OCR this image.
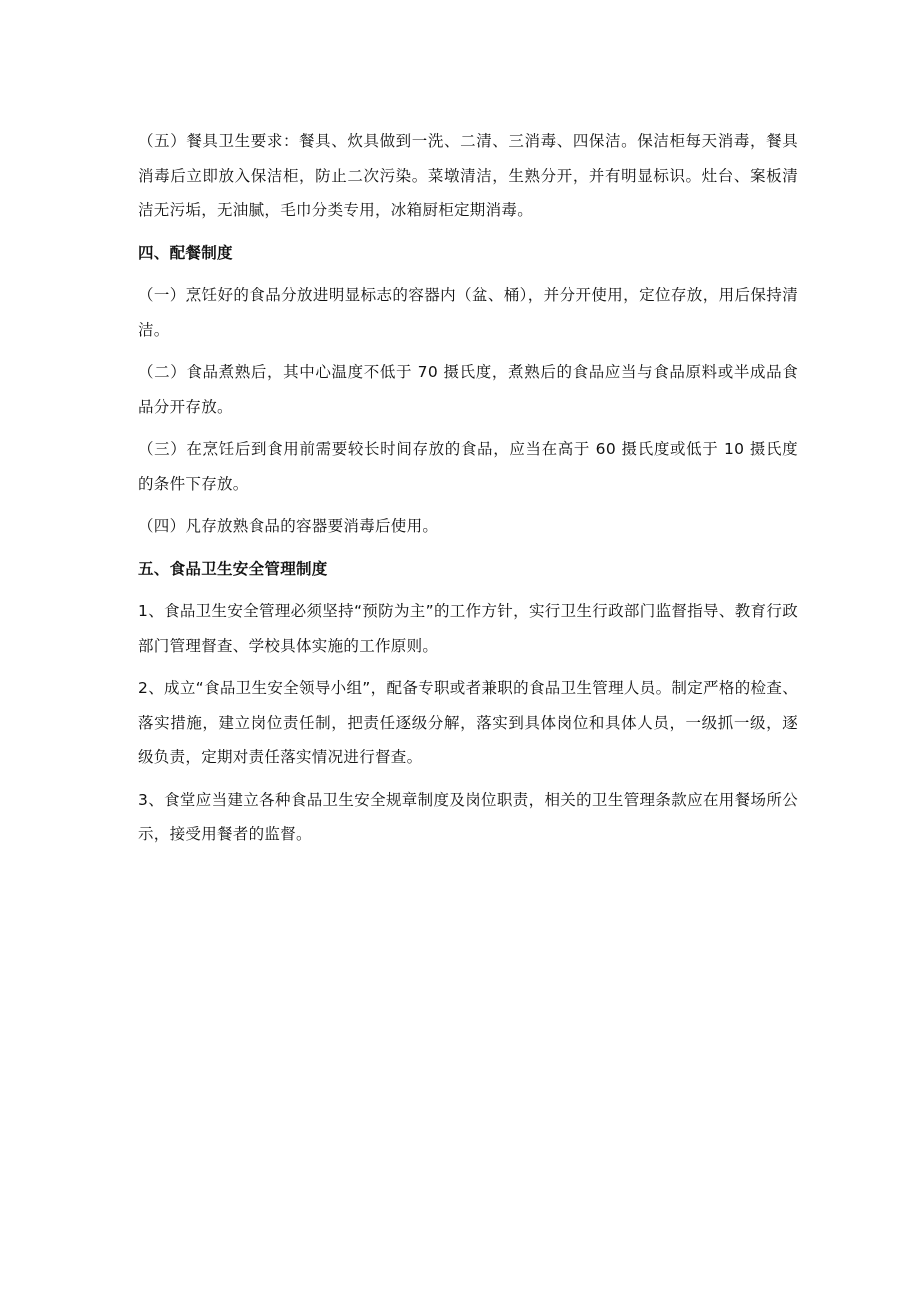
（五）餐具卫生要求：餐具、炊具做到一洗、二清、三消毒、四保洁。保洁柜每天消毒，餐具消毒后立即放入保洁柜，防止二次污染。菜墩清洁，生熟分开，并有明显标识。灶台、案板清洁无污垢，无油腻，毛巾分类专用，冰箱厨柜定期消毒。

四、配餐制度

（一）烹饪好的食品分放进明显标志的容器内（盆、桶），并分开使用，定位存放，用后保持清洁。

（二）食品煮熟后，其中心温度不低于 70 摄氏度，煮熟后的食品应当与食品原料或半成品食品分开存放。

（三）在烹饪后到食用前需要较长时间存放的食品，应当在高于 60 摄氏度或低于 10 摄氏度的条件下存放。

（四）凡存放熟食品的容器要消毒后使用。

五、食品卫生安全管理制度

1、食品卫生安全管理必须坚持“预防为主”的工作方针，实行卫生行政部门监督指导、教育行政部门管理督查、学校具体实施的工作原则。

2、成立“食品卫生安全领导小组”，配备专职或者兼职的食品卫生管理人员。制定严格的检查、落实措施，建立岗位责任制，把责任逐级分解，落实到具体岗位和具体人员，一级抓一级，逐级负责，定期对责任落实情况进行督查。

3、食堂应当建立各种食品卫生安全规章制度及岗位职责，相关的卫生管理条款应在用餐场所公示，接受用餐者的监督。
